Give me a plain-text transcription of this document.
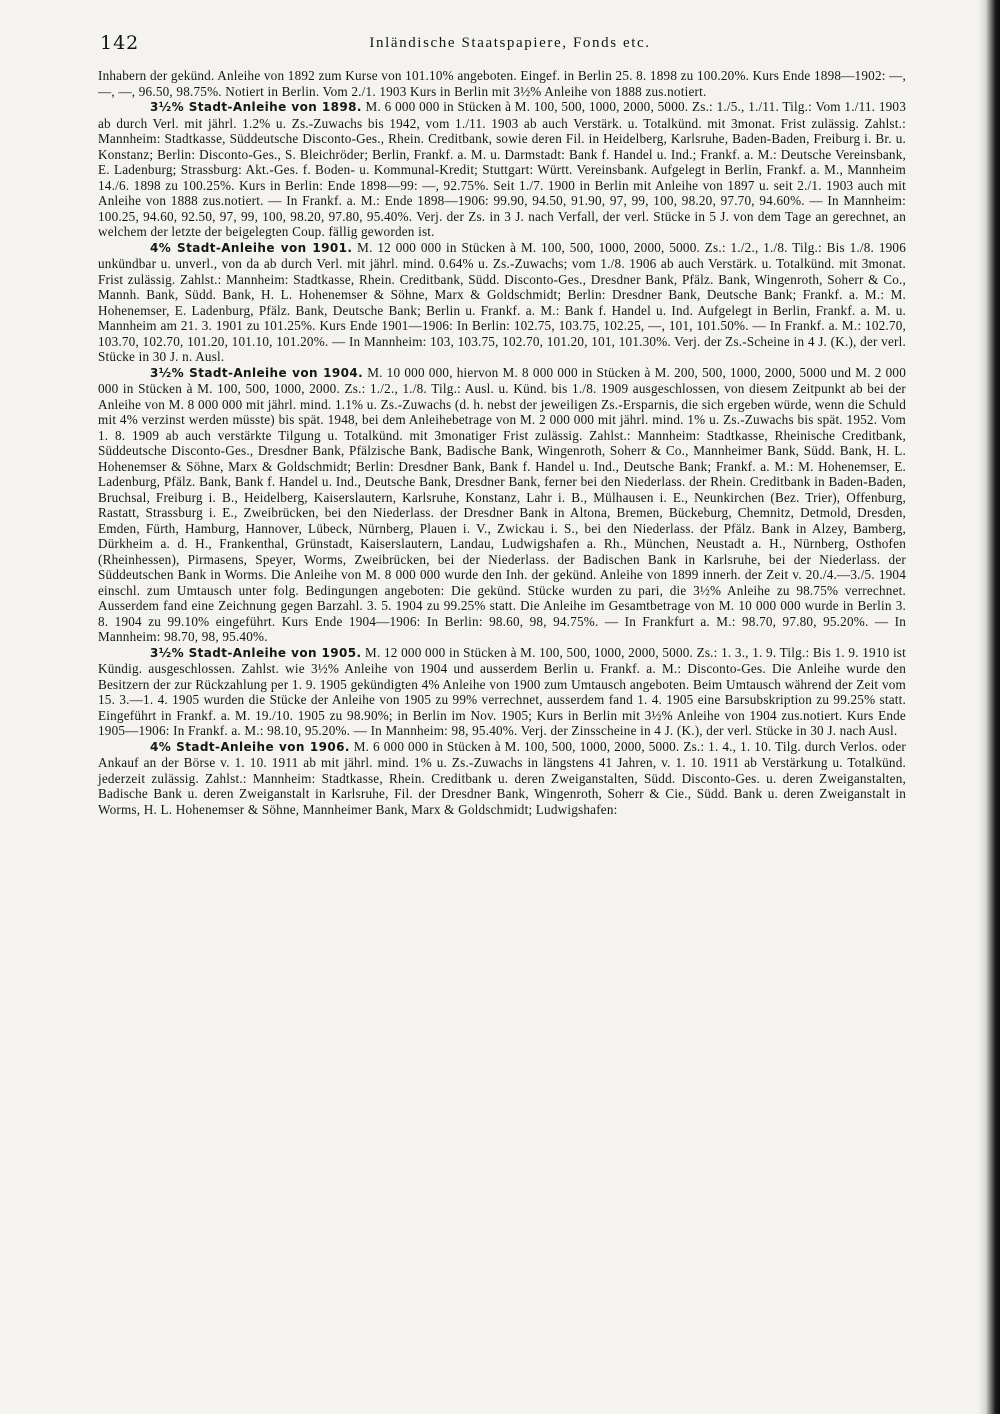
142	Inländische Staatspapiere, Fonds etc.

Inhabern der gekünd. Anleihe von 1892 zum Kurse von 101.10% angeboten. Eingef. in Berlin 25. 8. 1898 zu 100.20%. Kurs Ende 1898—1902: —, —, —, 96.50, 98.75%. Notiert in Berlin. Vom 2./1. 1903 Kurs in Berlin mit 3½% Anleihe von 1888 zus.notiert.

3½% Stadt-Anleihe von 1898. M. 6 000 000 in Stücken à M. 100, 500, 1000, 2000, 5000. Zs.: 1./5., 1./11. Tilg.: Vom 1./11. 1903 ab durch Verl. mit jährl. 1.2% u. Zs.-Zuwachs bis 1942, vom 1./11. 1903 ab auch Verstärk. u. Totalkünd. mit 3monat. Frist zulässig. Zahlst.: Mannheim: Stadtkasse, Süddeutsche Disconto-Ges., Rhein. Creditbank, sowie deren Fil. in Heidelberg, Karlsruhe, Baden-Baden, Freiburg i. Br. u. Konstanz; Berlin: Disconto-Ges., S. Bleichröder; Berlin, Frankf. a. M. u. Darmstadt: Bank f. Handel u. Ind.; Frankf. a. M.: Deutsche Vereinsbank, E. Ladenburg; Strassburg: Akt.-Ges. f. Boden- u. Kommunal-Kredit; Stuttgart: Württ. Vereinsbank. Aufgelegt in Berlin, Frankf. a. M., Mannheim 14./6. 1898 zu 100.25%. Kurs in Berlin: Ende 1898—99: —, 92.75%. Seit 1./7. 1900 in Berlin mit Anleihe von 1897 u. seit 2./1. 1903 auch mit Anleihe von 1888 zus.notiert. — In Frankf. a. M.: Ende 1898—1906: 99.90, 94.50, 91.90, 97, 99, 100, 98.20, 97.70, 94.60%. — In Mannheim: 100.25, 94.60, 92.50, 97, 99, 100, 98.20, 97.80, 95.40%. Verj. der Zs. in 3 J. nach Verfall, der verl. Stücke in 5 J. von dem Tage an gerechnet, an welchem der letzte der beigelegten Coup. fällig geworden ist.

4% Stadt-Anleihe von 1901. M. 12 000 000 in Stücken à M. 100, 500, 1000, 2000, 5000. Zs.: 1./2., 1./8. Tilg.: Bis 1./8. 1906 unkündbar u. unverl., von da ab durch Verl. mit jährl. mind. 0.64% u. Zs.-Zuwachs; vom 1./8. 1906 ab auch Verstärk. u. Totalkünd. mit 3monat. Frist zulässig. Zahlst.: Mannheim: Stadtkasse, Rhein. Creditbank, Südd. Disconto-Ges., Dresdner Bank, Pfälz. Bank, Wingenroth, Soherr & Co., Mannh. Bank, Südd. Bank, H. L. Hohenemser & Söhne, Marx & Goldschmidt; Berlin: Dresdner Bank, Deutsche Bank; Frankf. a. M.: M. Hohenemser, E. Ladenburg, Pfälz. Bank, Deutsche Bank; Berlin u. Frankf. a. M.: Bank f. Handel u. Ind. Aufgelegt in Berlin, Frankf. a. M. u. Mannheim am 21. 3. 1901 zu 101.25%. Kurs Ende 1901—1906: In Berlin: 102.75, 103.75, 102.25, —, 101, 101.50%. — In Frankf. a. M.: 102.70, 103.70, 102.70, 101.20, 101.10, 101.20%. — In Mannheim: 103, 103.75, 102.70, 101.20, 101, 101.30%. Verj. der Zs.-Scheine in 4 J. (K.), der verl. Stücke in 30 J. n. Ausl.

3½% Stadt-Anleihe von 1904. M. 10 000 000, hiervon M. 8 000 000 in Stücken à M. 200, 500, 1000, 2000, 5000 und M. 2 000 000 in Stücken à M. 100, 500, 1000, 2000. Zs.: 1./2., 1./8. Tilg.: Ausl. u. Künd. bis 1./8. 1909 ausgeschlossen, von diesem Zeitpunkt ab bei der Anleihe von M. 8 000 000 mit jährl. mind. 1.1% u. Zs.-Zuwachs (d. h. nebst der jeweiligen Zs.-Ersparnis, die sich ergeben würde, wenn die Schuld mit 4% verzinst werden müsste) bis spät. 1948, bei dem Anleihebetrage von M. 2 000 000 mit jährl. mind. 1% u. Zs.-Zuwachs bis spät. 1952. Vom 1. 8. 1909 ab auch verstärkte Tilgung u. Totalkünd. mit 3monatiger Frist zulässig. Zahlst.: Mannheim: Stadtkasse, Rheinische Creditbank, Süddeutsche Disconto-Ges., Dresdner Bank, Pfälzische Bank, Badische Bank, Wingenroth, Soherr & Co., Mannheimer Bank, Südd. Bank, H. L. Hohenemser & Söhne, Marx & Goldschmidt; Berlin: Dresdner Bank, Bank f. Handel u. Ind., Deutsche Bank; Frankf. a. M.: M. Hohenemser, E. Ladenburg, Pfälz. Bank, Bank f. Handel u. Ind., Deutsche Bank, Dresdner Bank, ferner bei den Niederlass. der Rhein. Creditbank in Baden-Baden, Bruchsal, Freiburg i. B., Heidelberg, Kaiserslautern, Karlsruhe, Konstanz, Lahr i. B., Mülhausen i. E., Neunkirchen (Bez. Trier), Offenburg, Rastatt, Strassburg i. E., Zweibrücken, bei den Niederlass. der Dresdner Bank in Altona, Bremen, Bückeburg, Chemnitz, Detmold, Dresden, Emden, Fürth, Hamburg, Hannover, Lübeck, Nürnberg, Plauen i. V., Zwickau i. S., bei den Niederlass. der Pfälz. Bank in Alzey, Bamberg, Dürkheim a. d. H., Frankenthal, Grünstadt, Kaiserslautern, Landau, Ludwigshafen a. Rh., München, Neustadt a. H., Nürnberg, Osthofen (Rheinhessen), Pirmasens, Speyer, Worms, Zweibrücken, bei der Niederlass. der Badischen Bank in Karlsruhe, bei der Niederlass. der Süddeutschen Bank in Worms. Die Anleihe von M. 8 000 000 wurde den Inh. der gekünd. Anleihe von 1899 innerh. der Zeit v. 20./4.—3./5. 1904 einschl. zum Umtausch unter folg. Bedingungen angeboten: Die gekünd. Stücke wurden zu pari, die 3½% Anleihe zu 98.75% verrechnet. Ausserdem fand eine Zeichnung gegen Barzahl. 3. 5. 1904 zu 99.25% statt. Die Anleihe im Gesamtbetrage von M. 10 000 000 wurde in Berlin 3. 8. 1904 zu 99.10% eingeführt. Kurs Ende 1904—1906: In Berlin: 98.60, 98, 94.75%. — In Frankfurt a. M.: 98.70, 97.80, 95.20%. — In Mannheim: 98.70, 98, 95.40%.

3½% Stadt-Anleihe von 1905. M. 12 000 000 in Stücken à M. 100, 500, 1000, 2000, 5000. Zs.: 1. 3., 1. 9. Tilg.: Bis 1. 9. 1910 ist Kündig. ausgeschlossen. Zahlst. wie 3½% Anleihe von 1904 und ausserdem Berlin u. Frankf. a. M.: Disconto-Ges. Die Anleihe wurde den Besitzern der zur Rückzahlung per 1. 9. 1905 gekündigten 4% Anleihe von 1900 zum Umtausch angeboten. Beim Umtausch während der Zeit vom 15. 3.—1. 4. 1905 wurden die Stücke der Anleihe von 1905 zu 99% verrechnet, ausserdem fand 1. 4. 1905 eine Barsubskription zu 99.25% statt. Eingeführt in Frankf. a. M. 19./10. 1905 zu 98.90%; in Berlin im Nov. 1905; Kurs in Berlin mit 3½% Anleihe von 1904 zus.notiert. Kurs Ende 1905—1906: In Frankf. a. M.: 98.10, 95.20%. — In Mannheim: 98, 95.40%. Verj. der Zinsscheine in 4 J. (K.), der verl. Stücke in 30 J. nach Ausl.

4% Stadt-Anleihe von 1906. M. 6 000 000 in Stücken à M. 100, 500, 1000, 2000, 5000. Zs.: 1. 4., 1. 10. Tilg. durch Verlos. oder Ankauf an der Börse v. 1. 10. 1911 ab mit jährl. mind. 1% u. Zs.-Zuwachs in längstens 41 Jahren, v. 1. 10. 1911 ab Verstärkung u. Totalkünd. jederzeit zulässig. Zahlst.: Mannheim: Stadtkasse, Rhein. Creditbank u. deren Zweiganstalten, Südd. Disconto-Ges. u. deren Zweiganstalten, Badische Bank u. deren Zweiganstalt in Karlsruhe, Fil. der Dresdner Bank, Wingenroth, Soherr & Cie., Südd. Bank u. deren Zweiganstalt in Worms, H. L. Hohenemser & Söhne, Mannheimer Bank, Marx & Goldschmidt; Ludwigshafen:
